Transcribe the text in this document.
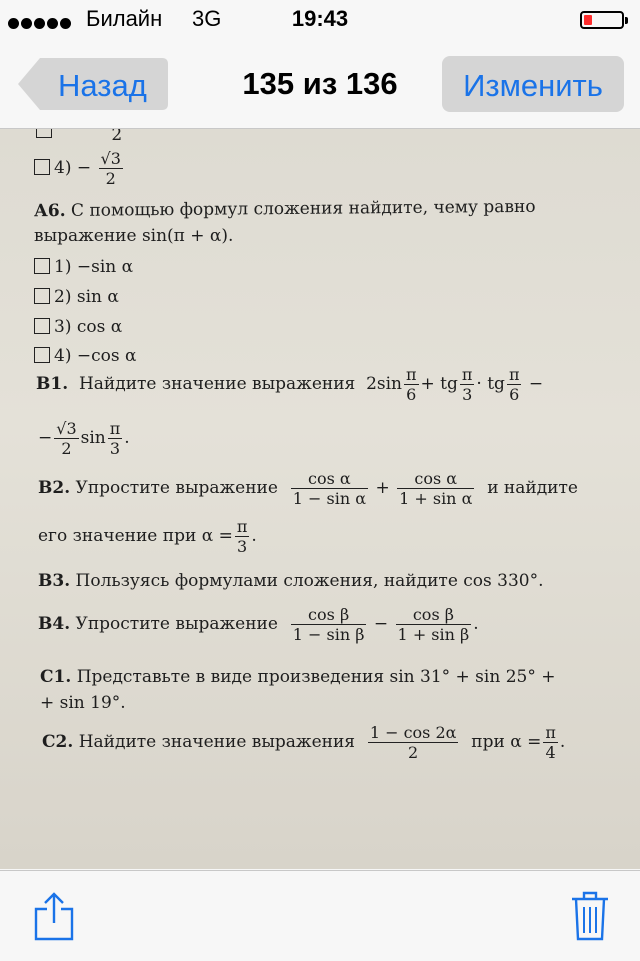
Билайн 3G	19:43
Назад	135 из 136	Изменить
2
$4) - \frac{√3}{2}$
А6. С помощью формул сложения найдите, чему равно
выражение sin(π + α).
1) −sin α
2) sin α
3) cos α
4) −cos α
В1. Найдите значение выражения $2\sin \frac{\pi}{6}$ + tg $\frac{\pi}{3}$ · tg $\frac{\pi}{6}$ −
− $\frac{√3}{2}$ $\sin \frac{\pi}{3}$ .
В2. Упростите выражение $\frac{\text{cos α}}{\text{1 − sin α}} + \frac{\text{cos α}}{\text{1 + sin α}}$ и найдите
его значение при $\alpha = \frac{\pi}{3}$ .
В3. Пользуясь формулами сложения, найдите cos 330°.
В4. Упростите выражение $\frac{\text{cos β}}{\text{1 − sin β}} - \frac{\text{cos β}}{\text{1 + sin β}}$ .
С1. Представьте в виде произведения sin 31° + sin 25° +
+ sin 19°.
С2. Найдите значение выражения $\frac{1 - \cos 2\alpha}{2}$ при $\alpha = \frac{\pi}{4}$ .
